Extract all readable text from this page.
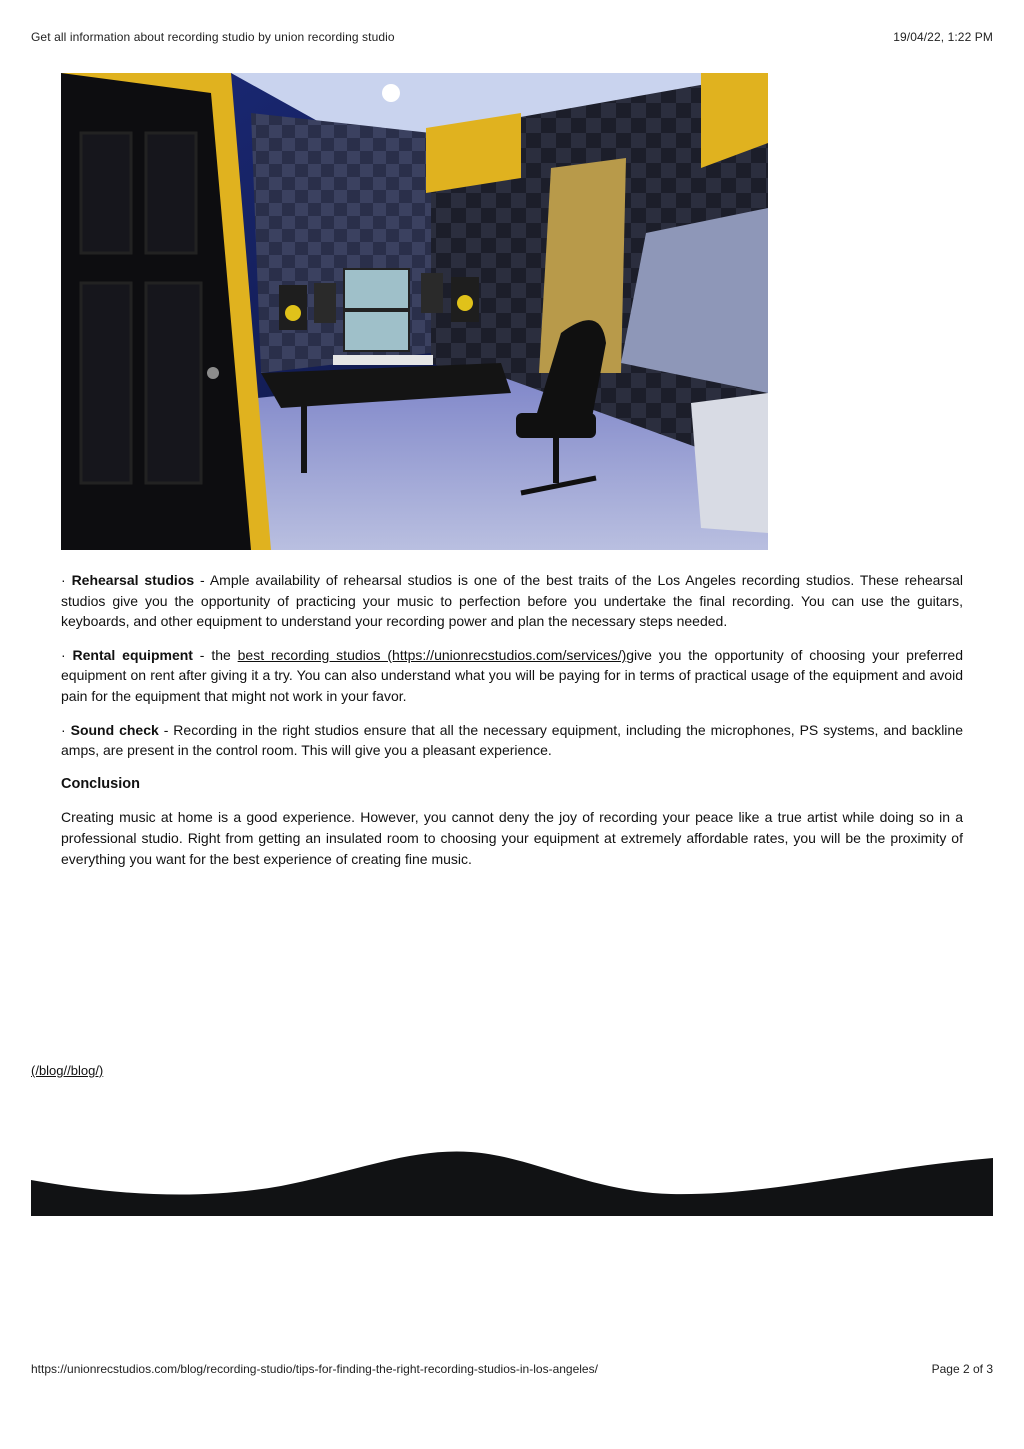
Get all information about recording studio by union recording studio	19/04/22, 1:22 PM

· Rehearsal studios - Ample availability of rehearsal studios is one of the best traits of the Los Angeles recording studios. These rehearsal studios give you the opportunity of practicing your music to perfection before you undertake the final recording. You can use the guitars, keyboards, and other equipment to understand your recording power and plan the necessary steps needed.

· Rental equipment - the best recording studios (https://unionrecstudios.com/services/)give you the opportunity of choosing your preferred equipment on rent after giving it a try. You can also understand what you will be paying for in terms of practical usage of the equipment and avoid pain for the equipment that might not work in your favor.

· Sound check - Recording in the right studios ensure that all the necessary equipment, including the microphones, PS systems, and backline amps, are present in the control room. This will give you a pleasant experience.

Conclusion

Creating music at home is a good experience. However, you cannot deny the joy of recording your peace like a true artist while doing so in a professional studio. Right from getting an insulated room to choosing your equipment at extremely affordable rates, you will be the proximity of everything you want for the best experience of creating fine music.

(/blog//blog/)
https://unionrecstudios.com/blog/recording-studio/tips-for-finding-the-right-recording-studios-in-los-angeles/	Page 2 of 3
